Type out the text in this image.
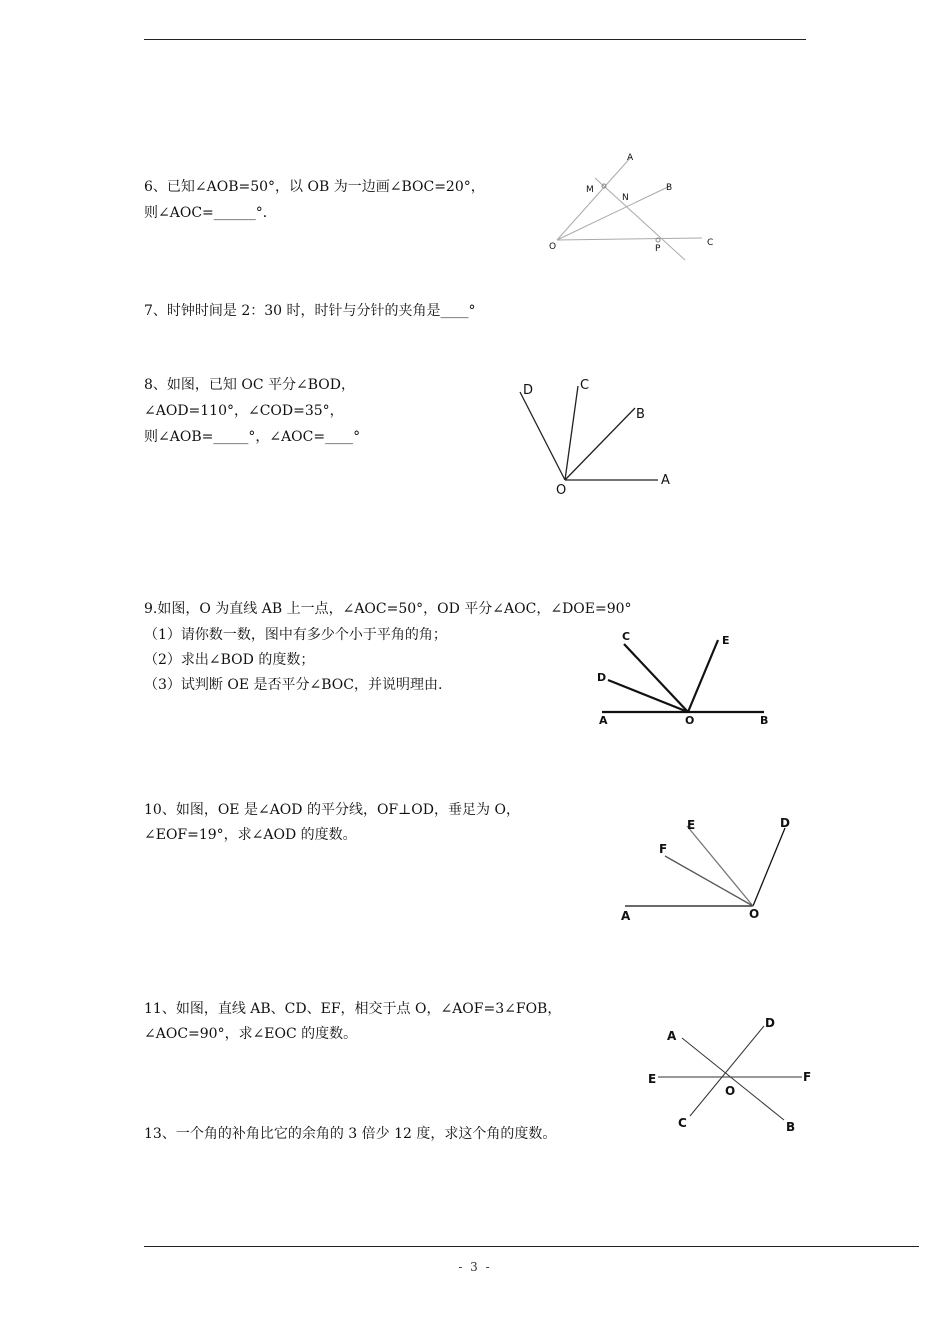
6、已知∠AOB=50°，以 OB 为一边画∠BOC=20°，
则∠AOC=______°．
A
M
N
B
O	P
C
7、时钟时间是 2：30 时，时针与分针的夹角是____°
8、如图，已知 OC 平分∠BOD，
∠AOD=110°，∠COD=35°，
则∠AOB=_____°，∠AOC=____°
D	C
B
O
A
9.如图，O 为直线 AB 上一点，∠AOC=50°，OD 平分∠AOC，∠DOE=90°
（1）请你数一数，图中有多少个小于平角的角；
（2）求出∠BOD 的度数；
（3）试判断 OE 是否平分∠BOC，并说明理由.
C	E
D
A	O	B
10、如图，OE 是∠AOD 的平分线，OF⊥OD，垂足为 O，
∠EOF=19°，求∠AOD 的度数。
E	D
F
A	O
11、如图，直线 AB、CD、EF，相交于点 O，∠AOF=3∠FOB，
∠AOC=90°，求∠EOC 的度数。	A
D
E
O
F
C	B
13、一个角的补角比它的余角的 3 倍少 12 度，求这个角的度数。
- 3 -
